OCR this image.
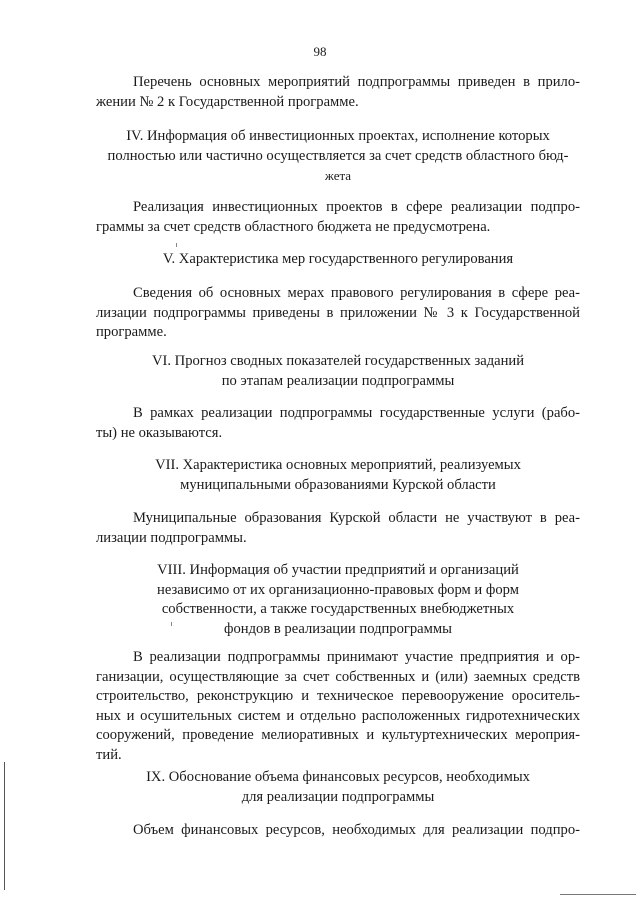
98

Перечень основных мероприятий подпрограммы приведен в прило-

жении № 2 к Государственной программе.

IV. Информация об инвестиционных проектах, исполнение которых

полностью или частично осуществляется за счет средств областного бюд-

жета

Реализация инвестиционных проектов в сфере реализации подпро-

граммы за счет средств областного бюджета не предусмотрена.

V. Характеристика мер государственного регулирования

Сведения об основных мерах правового регулирования в сфере реа-

лизации подпрограммы приведены в приложении № 3 к Государственной

программе.

VI. Прогноз сводных показателей государственных заданий

по этапам реализации подпрограммы

В рамках реализации подпрограммы государственные услуги (рабо-

ты) не оказываются.

VII. Характеристика основных мероприятий, реализуемых

муниципальными образованиями Курской области

Муниципальные образования Курской области не участвуют в реа-

лизации подпрограммы.

VIII. Информация об участии предприятий и организаций

независимо от их организационно-правовых форм и форм

собственности, а также государственных внебюджетных

фондов в реализации подпрограммы

В реализации подпрограммы принимают участие предприятия и ор-

ганизации, осуществляющие за счет собственных и (или) заемных средств

строительство, реконструкцию и техническое перевооружение ороситель-

ных и осушительных систем и отдельно расположенных гидротехнических

сооружений, проведение мелиоративных и культуртехнических мероприя-

тий.

IX. Обоснование объема финансовых ресурсов, необходимых

для реализации подпрограммы

Объем финансовых ресурсов, необходимых для реализации подпро-
